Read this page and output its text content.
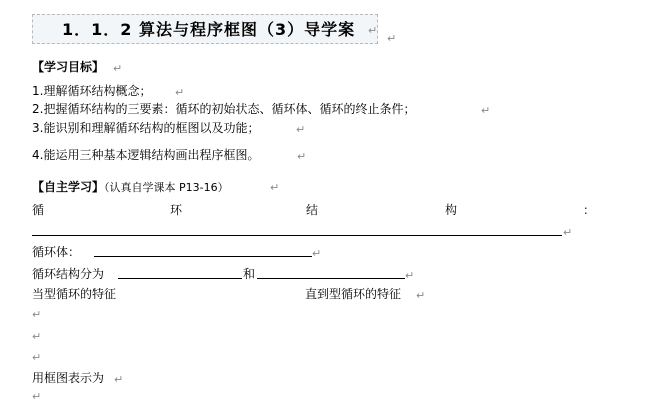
1．1．2 算法与程序框图（3）导学案 ↵
↵
【学习目标】 ↵
1.理解循环结构概念； ↵
2.把握循环结构的三要素：循环的初始状态、循环体、循环的终止条件；	↵
3.能识别和理解循环结构的框图以及功能；	↵
4.能运用三种基本逻辑结构画出程序框图。	↵
【自主学习】（认真自学课本 P13-16）	↵
循	环	结	构	：
↵
循环体：	↵
循环结构分为	和	↵
当型循环的特征	直到型循环的特征 ↵
↵
↵
↵
用框图表示为 ↵
↵
